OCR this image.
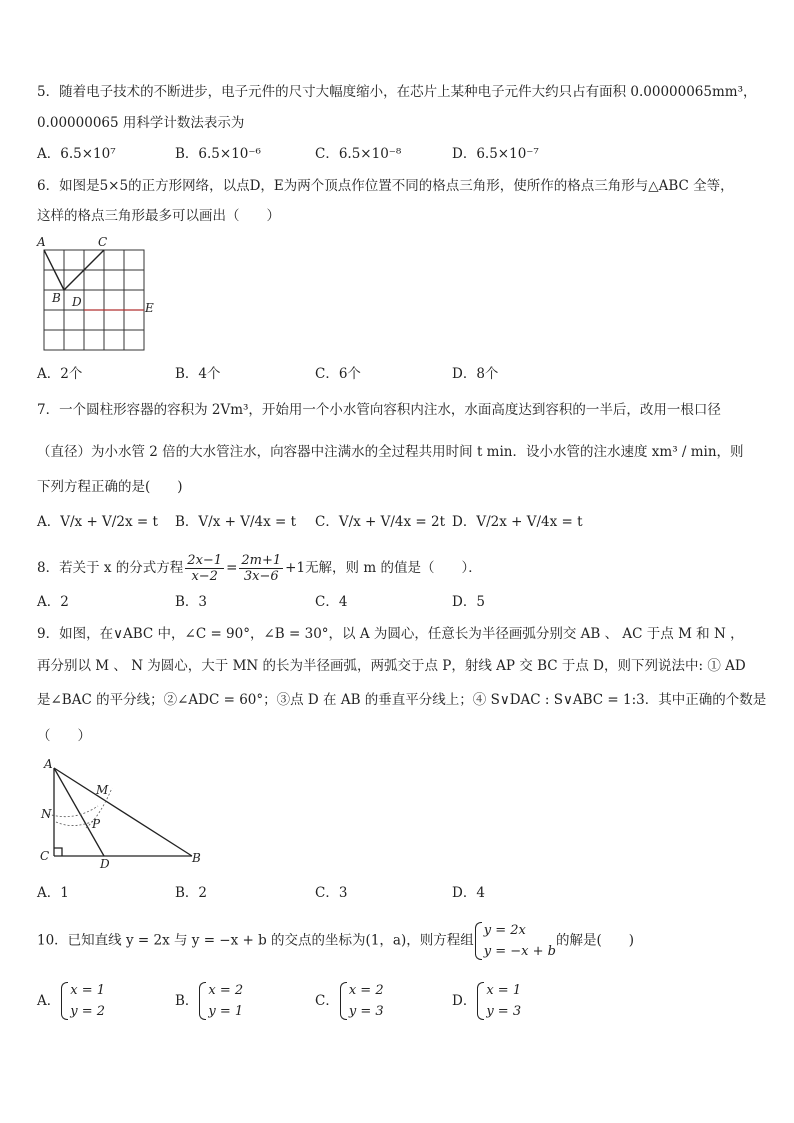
5．随着电子技术的不断进步，电子元件的尺寸大幅度缩小，在芯片上某种电子元件大约只占有面积 0.00000065mm³，
0.00000065 用科学计数法表示为
A．6.5×10⁷	B．6.5×10⁻⁶	C．6.5×10⁻⁸	D．6.5×10⁻⁷
6．如图是5×5的正方形网络，以点D，E为两个顶点作位置不同的格点三角形，使所作的格点三角形与△ABC 全等，
这样的格点三角形最多可以画出（　　）
A	C
B D	E
A．2个	B．4个	C．6个	D．8个
7．一个圆柱形容器的容积为 2Vm³，开始用一个小水管向容积内注水，水面高度达到容积的一半后，改用一根口径
（直径）为小水管 2 倍的大水管注水，向容器中注满水的全过程共用时间 t min．设小水管的注水速度 xm³ / min，则
下列方程正确的是(　　)
A．V/x + V/2x = t B．V/x + V/4x = t C．V/x + V/4x = 2t D．V/2x + V/4x = t
8．若关于 x 的分式方程 $\frac{2x-1}{x-2} = \frac{2m+1}{3x-6} +1$无解，则 m 的值是（　　）．
A．2	B．3	C．4	D．5
9．如图，在∨ABC 中，∠C = 90°，∠B = 30°，以 A 为圆心，任意长为半径画弧分别交 AB 、 AC 于点 M 和 N ，
再分别以 M 、 N 为圆心，大于 MN 的长为半径画弧，两弧交于点 P，射线 AP 交 BC 于点 D，则下列说法中: ① AD
是∠BAC 的平分线；②∠ADC = 60°；③点 D 在 AB 的垂直平分线上；④ S∨DAC : S∨ABC = 1:3．其中正确的个数是
（　　）
A
M
N
P
C
D	B
A．1	B．2	C．3	D．4
10．已知直线 y = 2x 与 y = −x + b 的交点的坐标为(1，a)，则方程组
y = 2x
y = −x + b
的解是(　　)
A．
x = 1
y = 2
B．
x = 2
y = 1
C．
x = 2
y = 3
D．
x = 1
y = 3
